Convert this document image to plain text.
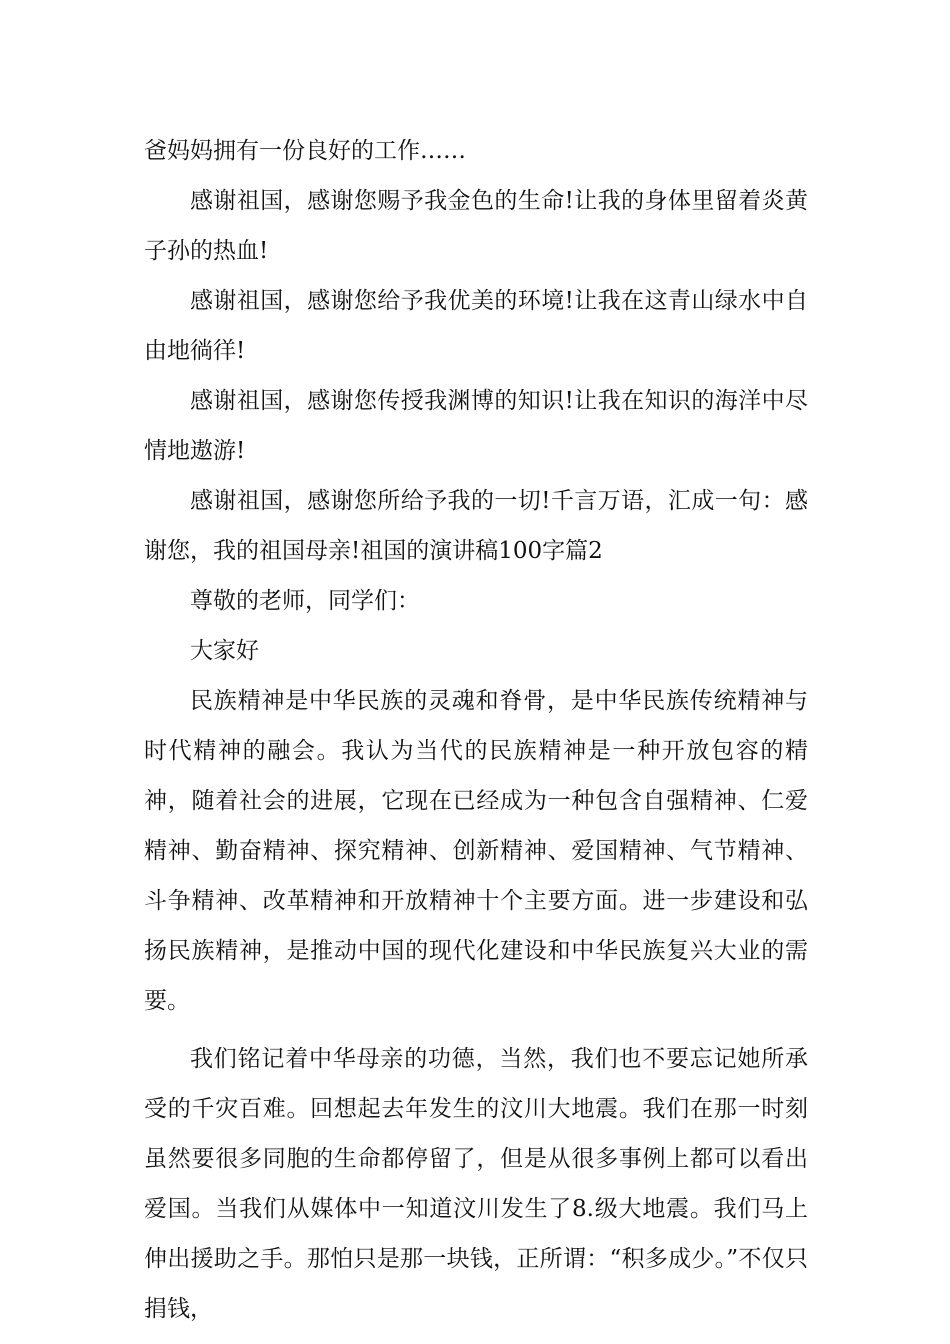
爸妈妈拥有一份良好的工作……

感谢祖国，感谢您赐予我金色的生命!让我的身体里留着炎黄子孙的热血!

感谢祖国，感谢您给予我优美的环境!让我在这青山绿水中自由地徜徉!

感谢祖国，感谢您传授我渊博的知识!让我在知识的海洋中尽情地遨游!

感谢祖国，感谢您所给予我的一切!千言万语，汇成一句：感谢您，我的祖国母亲!祖国的演讲稿100字篇2

尊敬的老师，同学们：

大家好

民族精神是中华民族的灵魂和脊骨，是中华民族传统精神与时代精神的融会。我认为当代的民族精神是一种开放包容的精神，随着社会的进展，它现在已经成为一种包含自强精神、仁爱精神、勤奋精神、探究精神、创新精神、爱国精神、气节精神、斗争精神、改革精神和开放精神十个主要方面。进一步建设和弘扬民族精神，是推动中国的现代化建设和中华民族复兴大业的需要。

我们铭记着中华母亲的功德，当然，我们也不要忘记她所承受的千灾百难。回想起去年发生的汶川大地震。我们在那一时刻虽然要很多同胞的生命都停留了，但是从很多事例上都可以看出爱国。当我们从媒体中一知道汶川发生了8.级大地震。我们马上伸出援助之手。那怕只是那一块钱，正所谓：“积多成少。”不仅只捐钱，
